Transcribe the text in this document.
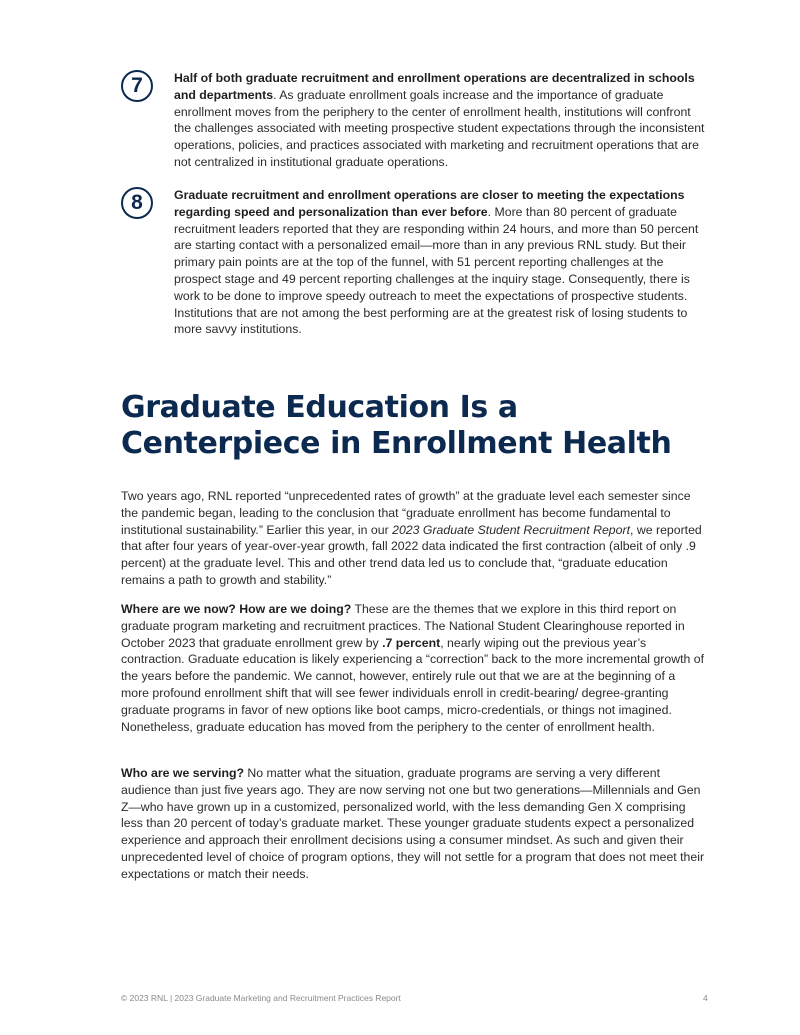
7	Half of both graduate recruitment and enrollment operations are decentralized in schools and departments. As graduate enrollment goals increase and the importance of graduate enrollment moves from the periphery to the center of enrollment health, institutions will confront the challenges associated with meeting prospective student expectations through the inconsistent operations, policies, and practices associated with marketing and recruitment operations that are not centralized in institutional graduate operations.
8	Graduate recruitment and enrollment operations are closer to meeting the expectations regarding speed and personalization than ever before. More than 80 percent of graduate recruitment leaders reported that they are responding within 24 hours, and more than 50 percent are starting contact with a personalized email—more than in any previous RNL study. But their primary pain points are at the top of the funnel, with 51 percent reporting challenges at the prospect stage and 49 percent reporting challenges at the inquiry stage. Consequently, there is work to be done to improve speedy outreach to meet the expectations of prospective students. Institutions that are not among the best performing are at the greatest risk of losing students to more savvy institutions.
Graduate Education Is a
Centerpiece in Enrollment Health

Two years ago, RNL reported “unprecedented rates of growth” at the graduate level each semester since the pandemic began, leading to the conclusion that “graduate enrollment has become fundamental to institutional sustainability.” Earlier this year, in our 2023 Graduate Student Recruitment Report, we reported that after four years of year-over-year growth, fall 2022 data indicated the first contraction (albeit of only .9 percent) at the graduate level. This and other trend data led us to conclude that, “graduate education remains a path to growth and stability.”

Where are we now? How are we doing? These are the themes that we explore in this third report on graduate program marketing and recruitment practices. The National Student Clearinghouse reported in October 2023 that graduate enrollment grew by .7 percent, nearly wiping out the previous year’s contraction. Graduate education is likely experiencing a “correction” back to the more incremental growth of the years before the pandemic. We cannot, however, entirely rule out that we are at the beginning of a more profound enrollment shift that will see fewer individuals enroll in credit-bearing/ degree-granting graduate programs in favor of new options like boot camps, micro-credentials, or things not imagined. Nonetheless, graduate education has moved from the periphery to the center of enrollment health.

Who are we serving? No matter what the situation, graduate programs are serving a very different audience than just five years ago. They are now serving not one but two generations—Millennials and Gen Z—who have grown up in a customized, personalized world, with the less demanding Gen X comprising less than 20 percent of today’s graduate market. These younger graduate students expect a personalized experience and approach their enrollment decisions using a consumer mindset. As such and given their unprecedented level of choice of program options, they will not settle for a program that does not meet their expectations or match their needs.

© 2023 RNL | 2023 Graduate Marketing and Recruitment Practices Report	4
